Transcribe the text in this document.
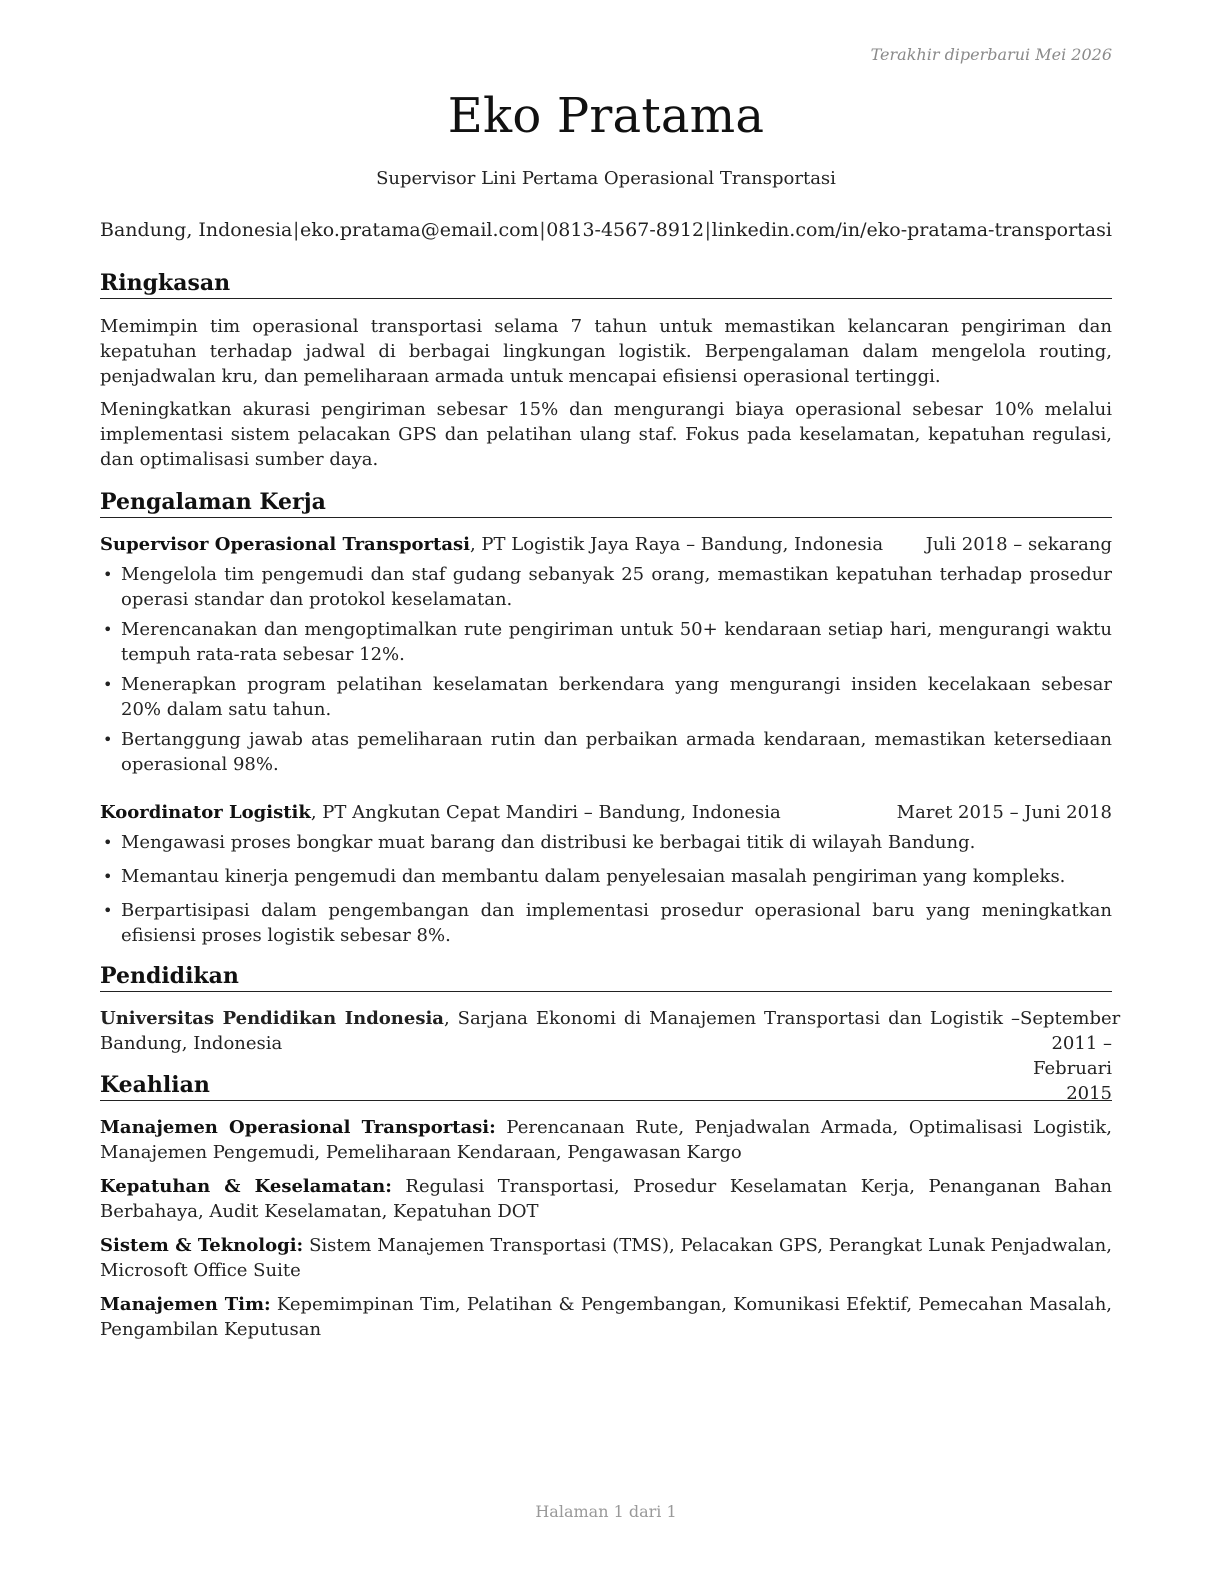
Terakhir diperbarui Mei 2026
Eko Pratama
Supervisor Lini Pertama Operasional Transportasi
Bandung, Indonesia | eko.pratama@email.com | 0813-4567-8912 | linkedin.com/in/eko-pratama-transportasi
Ringkasan

Memimpin tim operasional transportasi selama 7 tahun untuk memastikan kelancaran pengiriman dan kepatuhan terhadap jadwal di berbagai lingkungan logistik. Berpengalaman dalam mengelola routing, penjadwalan kru, dan pemeliharaan armada untuk mencapai efisiensi operasional tertinggi.

Meningkatkan akurasi pengiriman sebesar 15% dan mengurangi biaya operasional sebesar 10% melalui implementasi sistem pelacakan GPS dan pelatihan ulang staf. Fokus pada keselamatan, kepatuhan regulasi, dan optimalisasi sumber daya.

Pengalaman Kerja
Supervisor Operasional Transportasi, PT Logistik Jaya Raya – Bandung, Indonesia Juli 2018 – sekarang
• Mengelola tim pengemudi dan staf gudang sebanyak 25 orang, memastikan kepatuhan terhadap prosedur operasi standar dan protokol keselamatan.
• Merencanakan dan mengoptimalkan rute pengiriman untuk 50+ kendaraan setiap hari, mengurangi waktu tempuh rata-rata sebesar 12%.
• Menerapkan program pelatihan keselamatan berkendara yang mengurangi insiden kecelakaan sebesar 20% dalam satu tahun.
• Bertanggung jawab atas pemeliharaan rutin dan perbaikan armada kendaraan, memastikan ketersediaan operasional 98%.
Koordinator Logistik, PT Angkutan Cepat Mandiri – Bandung, Indonesia	Maret 2015 – Juni 2018
• Mengawasi proses bongkar muat barang dan distribusi ke berbagai titik di wilayah Bandung.
• Memantau kinerja pengemudi dan membantu dalam penyelesaian masalah pengiriman yang kompleks.
• Berpartisipasi dalam pengembangan dan implementasi prosedur operasional baru yang meningkatkan efisiensi proses logistik sebesar 8%.
Pendidikan
Universitas Pendidikan Indonesia, Sarjana Ekonomi di Manajemen Transportasi dan Logistik – Bandung, Indonesia
September 2011 – Februari
2015
Keahlian

Manajemen Operasional Transportasi: Perencanaan Rute, Penjadwalan Armada, Optimalisasi Logistik, Manajemen Pengemudi, Pemeliharaan Kendaraan, Pengawasan Kargo

Kepatuhan & Keselamatan: Regulasi Transportasi, Prosedur Keselamatan Kerja, Penanganan Bahan Berbahaya, Audit Keselamatan, Kepatuhan DOT

Sistem & Teknologi: Sistem Manajemen Transportasi (TMS), Pelacakan GPS, Perangkat Lunak Penjadwalan, Microsoft Office Suite

Manajemen Tim: Kepemimpinan Tim, Pelatihan & Pengembangan, Komunikasi Efektif, Pemecahan Masalah, Pengambilan Keputusan

Halaman 1 dari 1
